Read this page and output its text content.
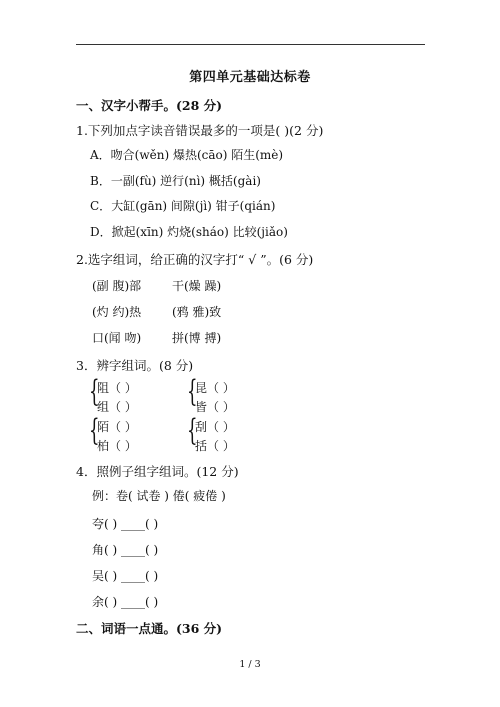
第四单元基础达标卷
一、汉字小帮手。(28 分)
1.下列加点字读音错误最多的一项是( )(2 分)
A．吻合(wěn) 爆热(cāo) 陌生(mè)
B．一副(fù) 逆行(nì) 概括(gài)
C．大缸(gān) 间隙(jì) 钳子(qián)
D．掀起(xīn) 灼烧(sháo) 比较(jiǎo)
2.选字组词，给正确的汉字打“ √ ”。(6 分)
(副 腹)部	干(燥 躁)
(灼 约)热	(鸦 雅)致
口(闻 吻)	拼(博 搏)
3．辨字组词。(8 分)
{
阻（ ）
组（ ） {
昆（ ）
皆（ ）
{
陌（ ）
柏（ ） {
刮（ ）
括（ ）
4．照例子组字组词。(12 分)
例：卷( 试卷 ) 倦( 疲倦 )
夸( ) ____( )
角( ) ____( )
吴( ) ____( )
余( ) ____( )
二、词语一点通。(36 分)
1 / 3
